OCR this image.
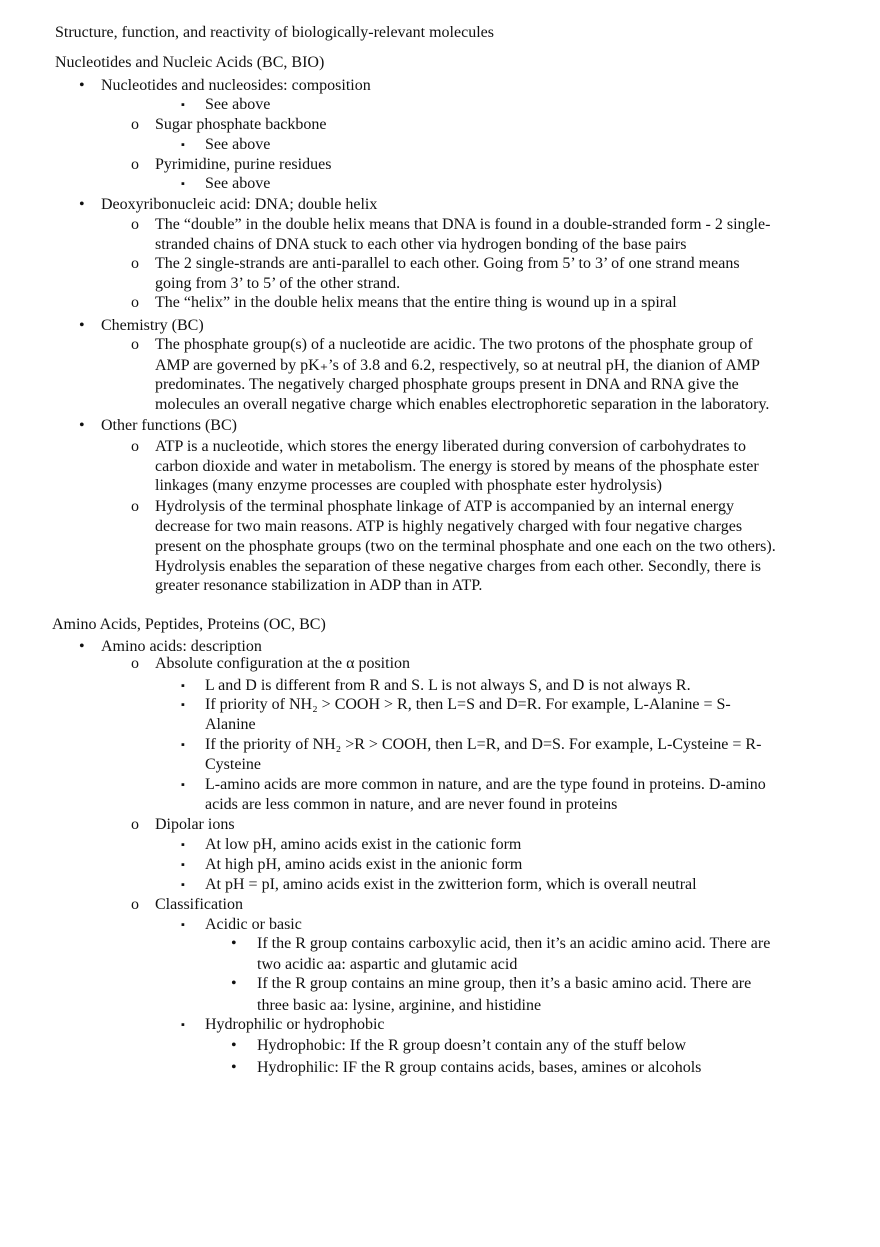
Structure, function, and reactivity of biologically-relevant molecules
Nucleotides and Nucleic Acids (BC, BIO)
• Nucleotides and nucleosides: composition
▪ See above
o Sugar phosphate backbone
▪ See above
o Pyrimidine, purine residues
▪ See above
• Deoxyribonucleic acid: DNA; double helix
o The “double” in the double helix means that DNA is found in a double-stranded form - 2 single-
stranded chains of DNA stuck to each other via hydrogen bonding of the base pairs
o The 2 single-strands are anti-parallel to each other. Going from 5’ to 3’ of one strand means
going from 3’ to 5’ of the other strand.
o The “helix” in the double helix means that the entire thing is wound up in a spiral
• Chemistry (BC)
o The phosphate group(s) of a nucleotide are acidic. The two protons of the phosphate group of
AMP are governed by pK₊’s of 3.8 and 6.2, respectively, so at neutral pH, the dianion of AMP
predominates. The negatively charged phosphate groups present in DNA and RNA give the
molecules an overall negative charge which enables electrophoretic separation in the laboratory.
• Other functions (BC)
o ATP is a nucleotide, which stores the energy liberated during conversion of carbohydrates to
carbon dioxide and water in metabolism. The energy is stored by means of the phosphate ester
linkages (many enzyme processes are coupled with phosphate ester hydrolysis)
o Hydrolysis of the terminal phosphate linkage of ATP is accompanied by an internal energy
decrease for two main reasons. ATP is highly negatively charged with four negative charges
present on the phosphate groups (two on the terminal phosphate and one each on the two others).
Hydrolysis enables the separation of these negative charges from each other. Secondly, there is
greater resonance stabilization in ADP than in ATP.
Amino Acids, Peptides, Proteins (OC, BC)
• Amino acids: description
o Absolute configuration at the α position
▪ L and D is different from R and S. L is not always S, and D is not always R.
▪ If priority of NH₂ > COOH > R, then L=S and D=R. For example, L-Alanine = S-
Alanine
▪ If the priority of NH₂ >R > COOH, then L=R, and D=S. For example, L-Cysteine = R-
Cysteine
▪ L-amino acids are more common in nature, and are the type found in proteins. D-amino
acids are less common in nature, and are never found in proteins
o Dipolar ions
▪ At low pH, amino acids exist in the cationic form
▪ At high pH, amino acids exist in the anionic form
▪ At pH = pI, amino acids exist in the zwitterion form, which is overall neutral
o Classification
▪ Acidic or basic
• If the R group contains carboxylic acid, then it’s an acidic amino acid. There are
two acidic aa: aspartic and glutamic acid
• If the R group contains an mine group, then it’s a basic amino acid. There are
three basic aa: lysine, arginine, and histidine
▪ Hydrophilic or hydrophobic
• Hydrophobic: If the R group doesn’t contain any of the stuff below
• Hydrophilic: IF the R group contains acids, bases, amines or alcohols
